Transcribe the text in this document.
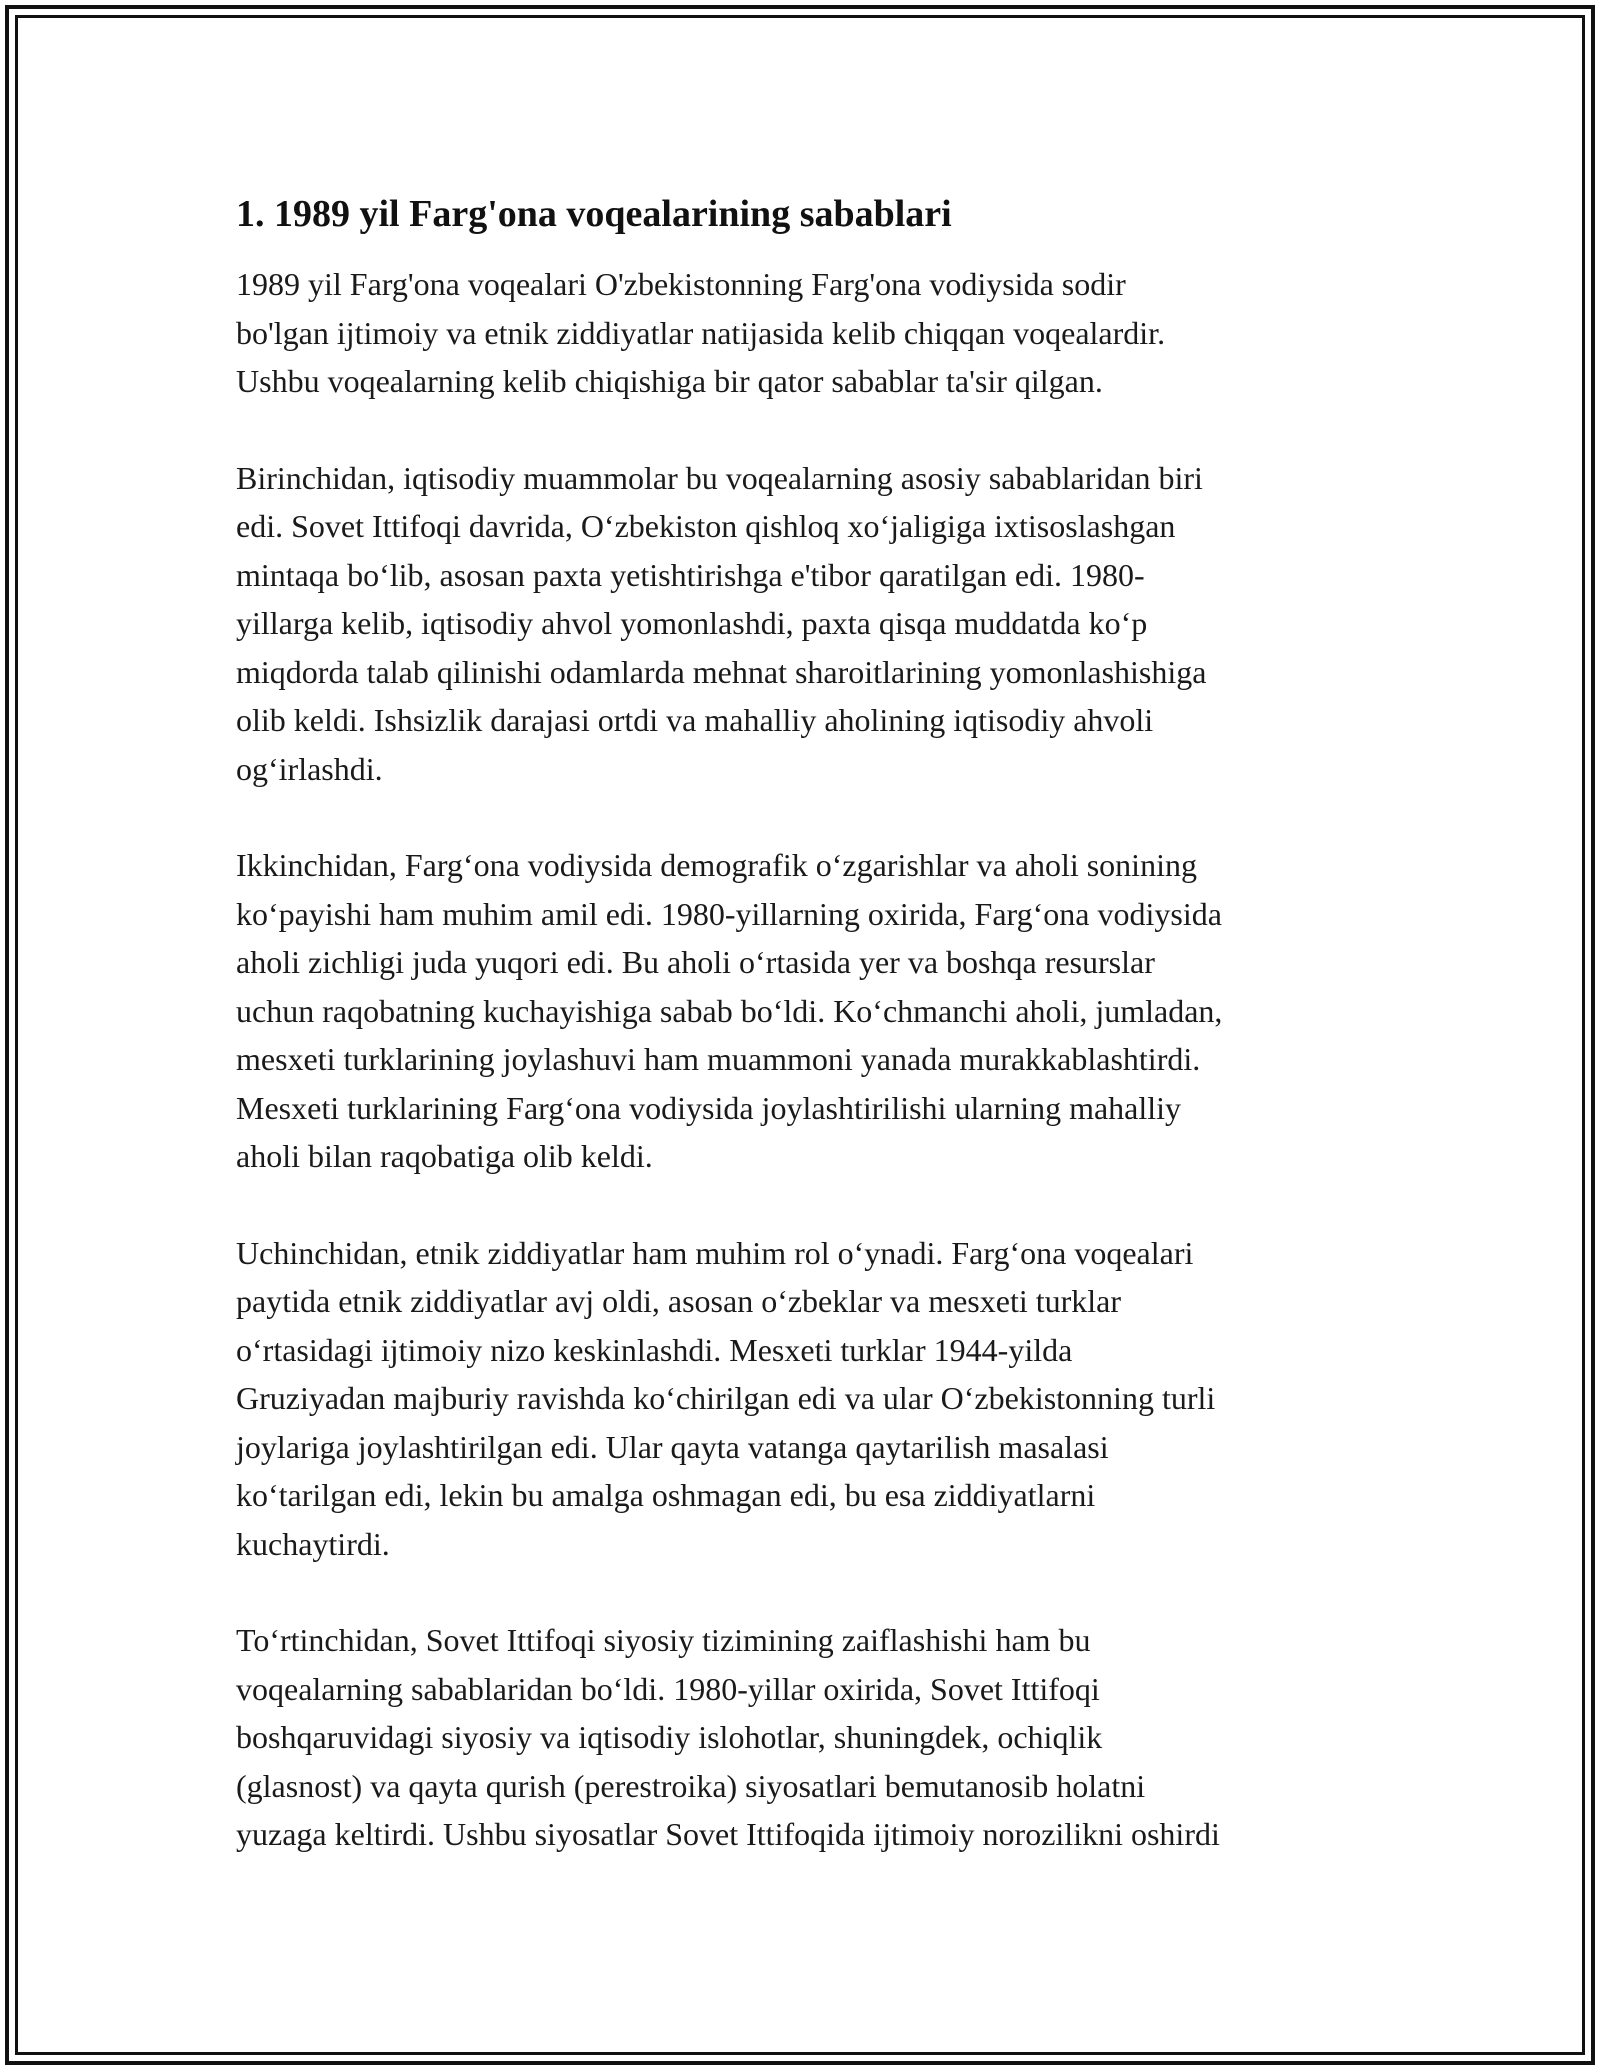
1. 1989 yil Farg'ona voqealarining sabablari

1989 yil Farg'ona voqealari O'zbekistonning Farg'ona vodiysida sodir
bo'lgan ijtimoiy va etnik ziddiyatlar natijasida kelib chiqqan voqealardir.
Ushbu voqealarning kelib chiqishiga bir qator sabablar ta'sir qilgan.

Birinchidan, iqtisodiy muammolar bu voqealarning asosiy sabablaridan biri
edi. Sovet Ittifoqi davrida, O‘zbekiston qishloq xo‘jaligiga ixtisoslashgan
mintaqa bo‘lib, asosan paxta yetishtirishga e'tibor qaratilgan edi. 1980-
yillarga kelib, iqtisodiy ahvol yomonlashdi, paxta qisqa muddatda ko‘p
miqdorda talab qilinishi odamlarda mehnat sharoitlarining yomonlashishiga
olib keldi. Ishsizlik darajasi ortdi va mahalliy aholining iqtisodiy ahvoli
og‘irlashdi.

Ikkinchidan, Farg‘ona vodiysida demografik o‘zgarishlar va aholi sonining
ko‘payishi ham muhim amil edi. 1980-yillarning oxirida, Farg‘ona vodiysida
aholi zichligi juda yuqori edi. Bu aholi o‘rtasida yer va boshqa resurslar
uchun raqobatning kuchayishiga sabab bo‘ldi. Ko‘chmanchi aholi, jumladan,
mesxeti turklarining joylashuvi ham muammoni yanada murakkablashtirdi.
Mesxeti turklarining Farg‘ona vodiysida joylashtirilishi ularning mahalliy
aholi bilan raqobatiga olib keldi.

Uchinchidan, etnik ziddiyatlar ham muhim rol o‘ynadi. Farg‘ona voqealari
paytida etnik ziddiyatlar avj oldi, asosan o‘zbeklar va mesxeti turklar
o‘rtasidagi ijtimoiy nizo keskinlashdi. Mesxeti turklar 1944-yilda
Gruziyadan majburiy ravishda ko‘chirilgan edi va ular O‘zbekistonning turli
joylariga joylashtirilgan edi. Ular qayta vatanga qaytarilish masalasi
ko‘tarilgan edi, lekin bu amalga oshmagan edi, bu esa ziddiyatlarni
kuchaytirdi.

To‘rtinchidan, Sovet Ittifoqi siyosiy tizimining zaiflashishi ham bu
voqealarning sabablaridan bo‘ldi. 1980-yillar oxirida, Sovet Ittifoqi
boshqaruvidagi siyosiy va iqtisodiy islohotlar, shuningdek, ochiqlik
(glasnost) va qayta qurish (perestroika) siyosatlari bemutanosib holatni
yuzaga keltirdi. Ushbu siyosatlar Sovet Ittifoqida ijtimoiy norozilikni oshirdi
